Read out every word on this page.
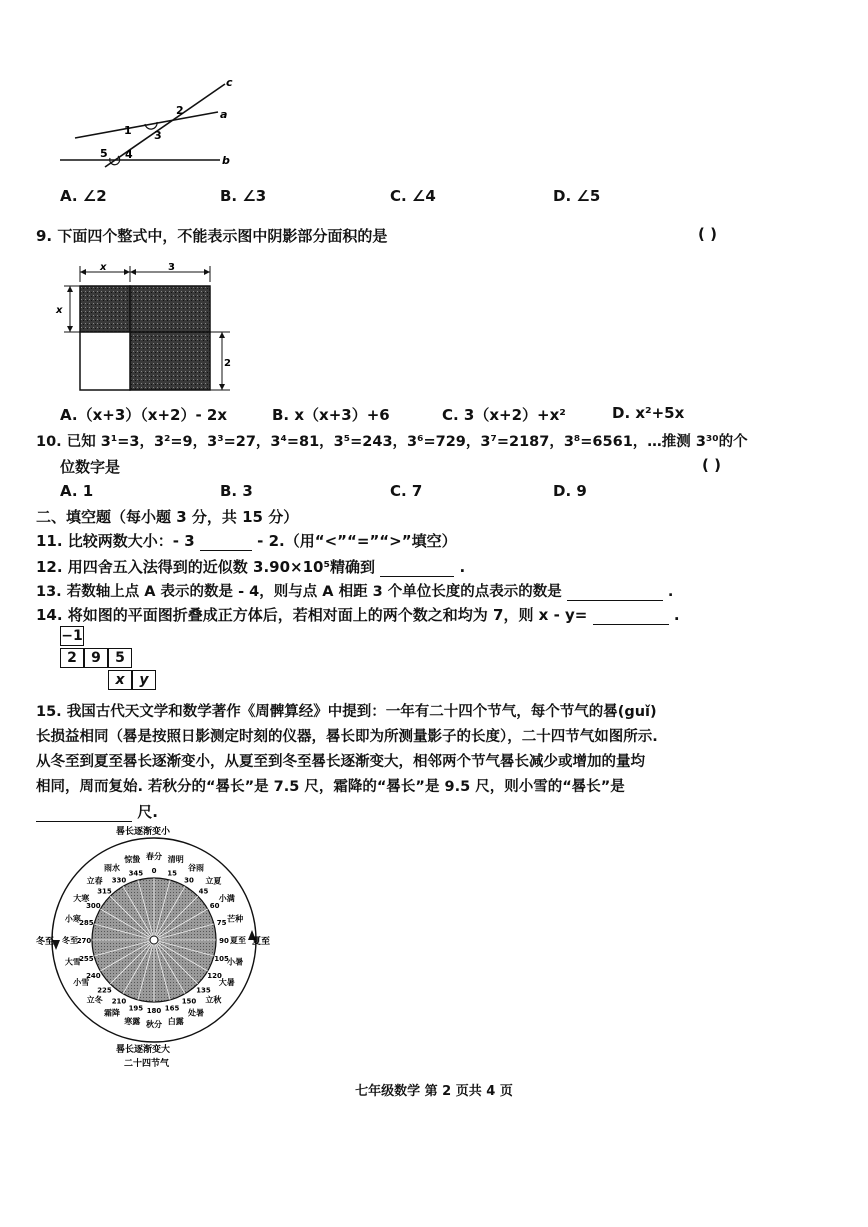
c
a
b
2
1 3
5 4
A. ∠2	B. ∠3	C. ∠4	D. ∠5
9. 下面四个整式中，不能表示图中阴影部分面积的是	( )
x	3
x
2
A.（x+3）（x+2）- 2x	B. x（x+3）+6	C. 3（x+2）+x²	D. x²+5x
10. 已知 3¹=3，3²=9，3³=27，3⁴=81，3⁵=243，3⁶=729，3⁷=2187，3⁸=6561，…推测 3³⁰的个
位数字是	( )
A. 1	B. 3	C. 7	D. 9
二、填空题（每小题 3 分，共 15 分）
11. 比较两数大小：- 3	- 2.（用“<”“=”“>”填空）
12. 用四舍五入法得到的近似数 3.90×10⁵精确到	.
13. 若数轴上点 A 表示的数是 - 4，则与点 A 相距 3 个单位长度的点表示的数是	.
14. 将如图的平面图折叠成正方体后，若相对面上的两个数之和均为 7，则 x - y=	.
−1
2	9	5
x	y
15. 我国古代天文学和数学著作《周髀算经》中提到：一年有二十四个节气，每个节气的晷(guǐ)
长损益相同（晷是按照日影测定时刻的仪器，晷长即为所测量影子的长度），二十四节气如图所示.
从冬至到夏至晷长逐渐变小，从夏至到冬至晷长逐渐变大，相邻两个节气晷长减少或增加的量均
相同，周而复始. 若秋分的“晷长”是 7.5 尺，霜降的“晷长”是 9.5 尺，则小雪的“晷长”是
尺.
晷长逐渐变小
春分
0
清明
15
谷雨
30 立夏
45
小满
60
芒种
75
夏至
90
小暑
105
大暑
120
立秋
135
处暑
150
白露
165
秋分
180
寒露
195
霜降
210
立冬
225
小雪
240
大雪
255
冬至
270
小寒
285
大寒
300
立春
315
雨水
330
惊蛰
345
冬至	夏至
晷长逐渐变大
二十四节气
七年级数学 第 2 页共 4 页
